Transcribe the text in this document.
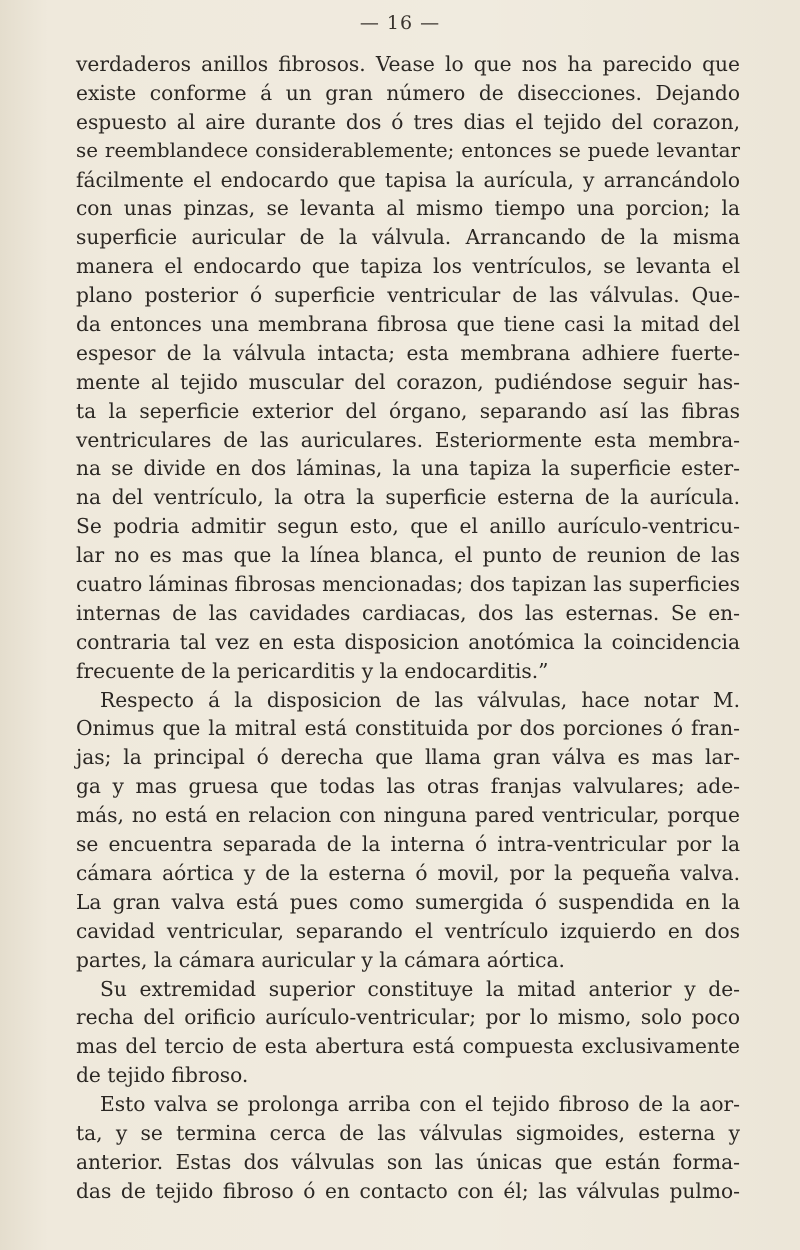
— 16 —
verdaderos anillos fibrosos. Vease lo que nos ha parecido que
existe conforme á un gran número de disecciones. Dejando
espuesto al aire durante dos ó tres dias el tejido del corazon,
se reemblandece considerablemente; entonces se puede levantar
fácilmente el endocardo que tapisa la aurícula, y arrancándolo
con unas pinzas, se levanta al mismo tiempo una porcion; la
superficie auricular de la válvula. Arrancando de la misma
manera el endocardo que tapiza los ventrículos, se levanta el
plano posterior ó superficie ventricular de las válvulas. Que-
da entonces una membrana fibrosa que tiene casi la mitad del
espesor de la válvula intacta; esta membrana adhiere fuerte-
mente al tejido muscular del corazon, pudiéndose seguir has-
ta la seperficie exterior del órgano, separando así las fibras
ventriculares de las auriculares. Esteriormente esta membra-
na se divide en dos láminas, la una tapiza la superficie ester-
na del ventrículo, la otra la superficie esterna de la aurícula.
Se podria admitir segun esto, que el anillo aurículo-ventricu-
lar no es mas que la línea blanca, el punto de reunion de las
cuatro láminas fibrosas mencionadas; dos tapizan las superficies
internas de las cavidades cardiacas, dos las esternas. Se en-
contraria tal vez en esta disposicion anotómica la coincidencia
frecuente de la pericarditis y la endocarditis.”
Respecto á la disposicion de las válvulas, hace notar M.
Onimus que la mitral está constituida por dos porciones ó fran-
jas; la principal ó derecha que llama gran válva es mas lar-
ga y mas gruesa que todas las otras franjas valvulares; ade-
más, no está en relacion con ninguna pared ventricular, porque
se encuentra separada de la interna ó intra-ventricular por la
cámara aórtica y de la esterna ó movil, por la pequeña valva.
La gran valva está pues como sumergida ó suspendida en la
cavidad ventricular, separando el ventrículo izquierdo en dos
partes, la cámara auricular y la cámara aórtica.
Su extremidad superior constituye la mitad anterior y de-
recha del orificio aurículo-ventricular; por lo mismo, solo poco
mas del tercio de esta abertura está compuesta exclusivamente
de tejido fibroso.
Esto valva se prolonga arriba con el tejido fibroso de la aor-
ta, y se termina cerca de las válvulas sigmoides, esterna y
anterior. Estas dos válvulas son las únicas que están forma-
das de tejido fibroso ó en contacto con él; las válvulas pulmo-
